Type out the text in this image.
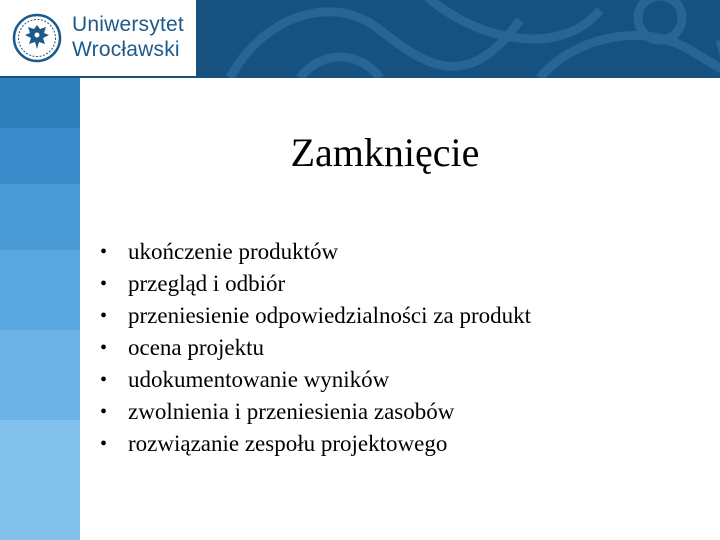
Uniwersytet
Wrocławski
Zamknięcie
• ukończenie produktów
• przegląd i odbiór
• przeniesienie odpowiedzialności za produkt
• ocena projektu
• udokumentowanie wyników
• zwolnienia i przeniesienia zasobów
• rozwiązanie zespołu projektowego
